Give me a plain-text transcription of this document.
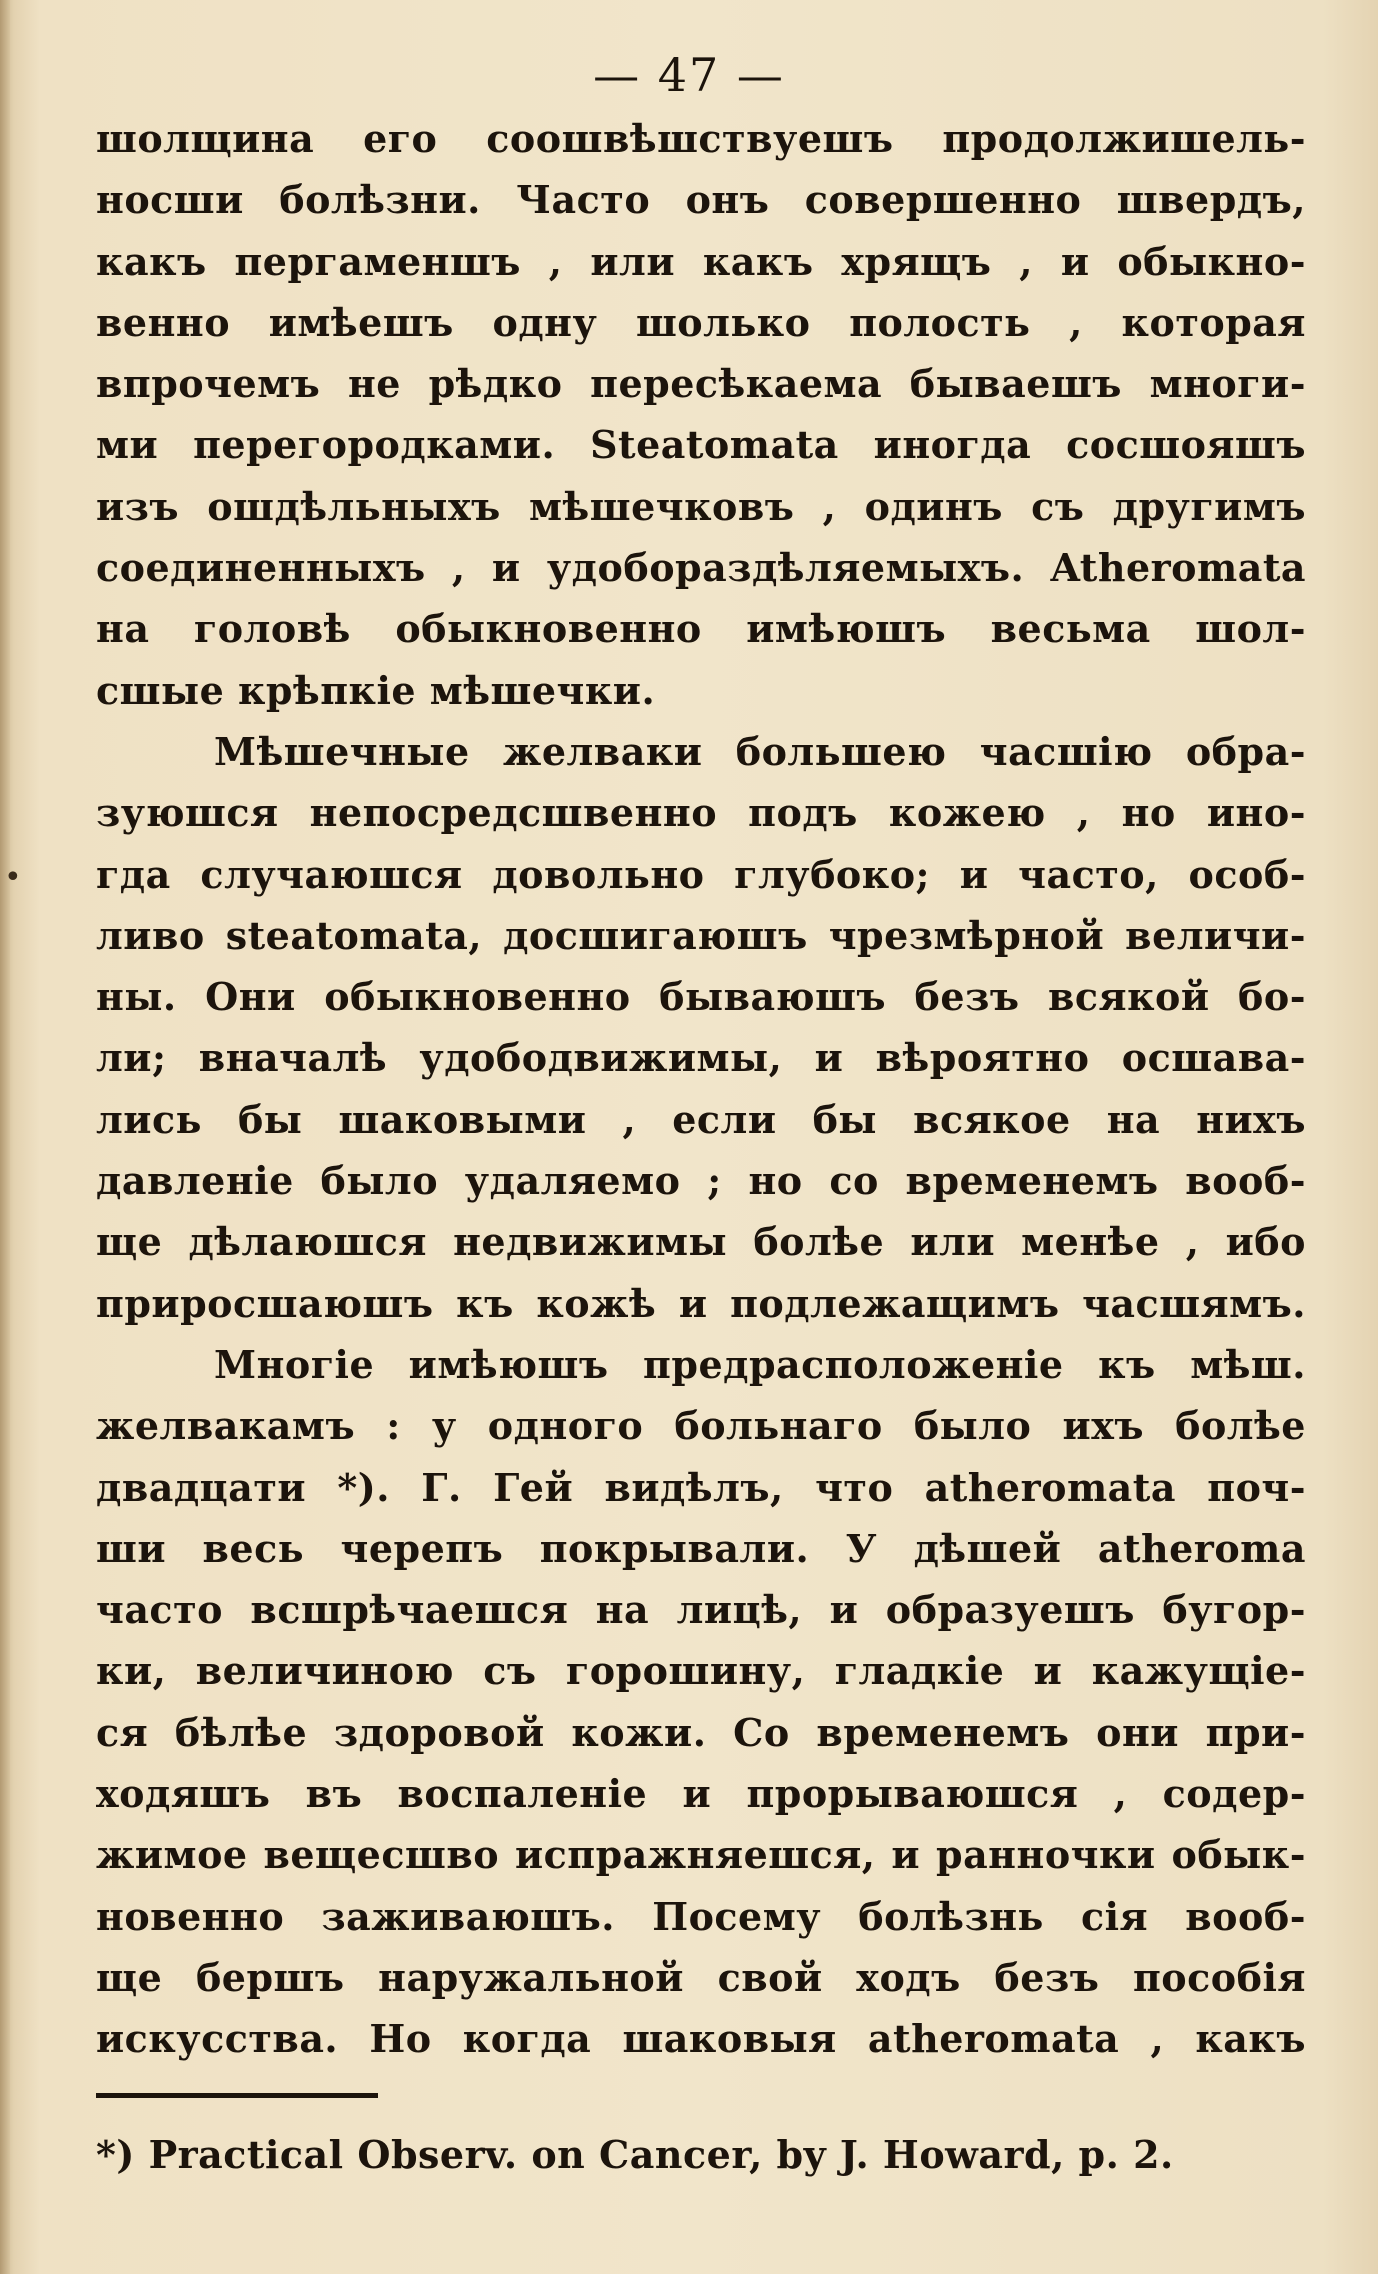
•
— 47 —
шолщина его соошвѣшствуешъ продолжишель-
носши болѣзни. Часто онъ совершенно швердъ,
какъ пергаменшъ , или какъ хрящъ , и обыкно-
венно имѣешъ одну шолько полость , которая
впрочемъ не рѣдко пересѣкаема бываешъ многи-
ми перегородками. Steatomata иногда сосшояшъ
изъ ошдѣльныхъ мѣшечковъ , одинъ съ другимъ
соединенныхъ , и удобораздѣляемыхъ. Atheromata
на головѣ обыкновенно имѣюшъ весьма шол-
сшые крѣпкіе мѣшечки.
Мѣшечные желваки большею часшію обра-
зуюшся непосредсшвенно подъ кожею , но ино-
гда случаюшся довольно глубоко; и часто, особ-
ливо steatomata, досшигаюшъ чрезмѣрной величи-
ны. Они обыкновенно бываюшъ безъ всякой бо-
ли; вначалѣ удободвижимы, и вѣроятно осшава-
лись бы шаковыми , если бы всякое на нихъ
давленіе было удаляемо ; но со временемъ вооб-
ще дѣлаюшся недвижимы болѣе или менѣе , ибо
приросшаюшъ къ кожѣ и подлежащимъ часшямъ.
Многіе имѣюшъ предрасположеніе къ мѣш.
желвакамъ : у одного больнаго было ихъ болѣе
двадцати *). Г. Гей видѣлъ, что atheromata поч-
ши весь черепъ покрывали. У дѣшей atheroma
часто всшрѣчаешся на лицѣ, и образуешъ бугор-
ки, величиною съ горошину, гладкіе и кажущіе-
ся бѣлѣе здоровой кожи. Со временемъ они при-
ходяшъ въ воспаленіе и прорываюшся , содер-
жимое вещесшво испражняешся, и ранночки обык-
новенно заживаюшъ. Посему болѣзнь сія вооб-
ще бершъ наружальной свой ходъ безъ пособія
искусства. Но когда шаковыя atheromata , какъ
*) Practical Observ. on Cancer, by J. Howard, p. 2.
